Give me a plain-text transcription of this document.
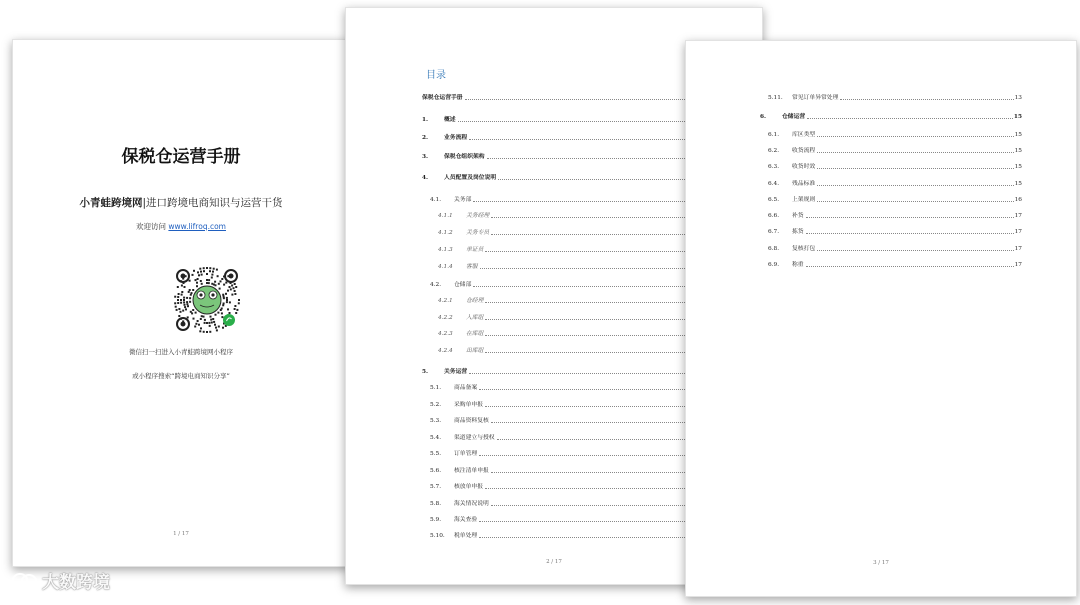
保税仓运营手册
小青蛙跨境网|进口跨境电商知识与运营干货
欢迎访问 www.lifroq.com
微信扫一扫进入小青蛙跨境网小程序
或小程序搜索“跨境电商知识分享”
1 / 17
目录
保税仓运营手册
1.	概述
2.	业务流程
3.	保税仓组织架构
4.	人员配置及岗位说明
4.1.	关务部
4.1.1	关务经理
4.1.2	关务专员
4.1.3	单证员
4.1.4	客服
4.2.	仓储部
4.2.1	仓经理
4.2.2	入库组
4.2.3	在库组
4.2.4	出库组
5.	关务运营
5.1.	商品备案
5.2.	采购单申报
5.3.	商品资料复核
5.4.	渠道建立与授权
5.5.	订单管理
5.6.	核注清单申报
5.7.	核放单申报
5.8.	海关情况说明
5.9.	海关查验
5.10.	税单处理
2 / 17
5.11.	常见订单异常处理	13
6.	仓储运营	15
6.1.	库区类型	15
6.2.	收货流程	15
6.3.	收货时效	15
6.4.	残品标准	15
6.5.	上架规则	16
6.6.	补货	17
6.7.	拣货	17
6.8.	复核打包	17
6.9.	称重	17
3 / 17
大数跨境
